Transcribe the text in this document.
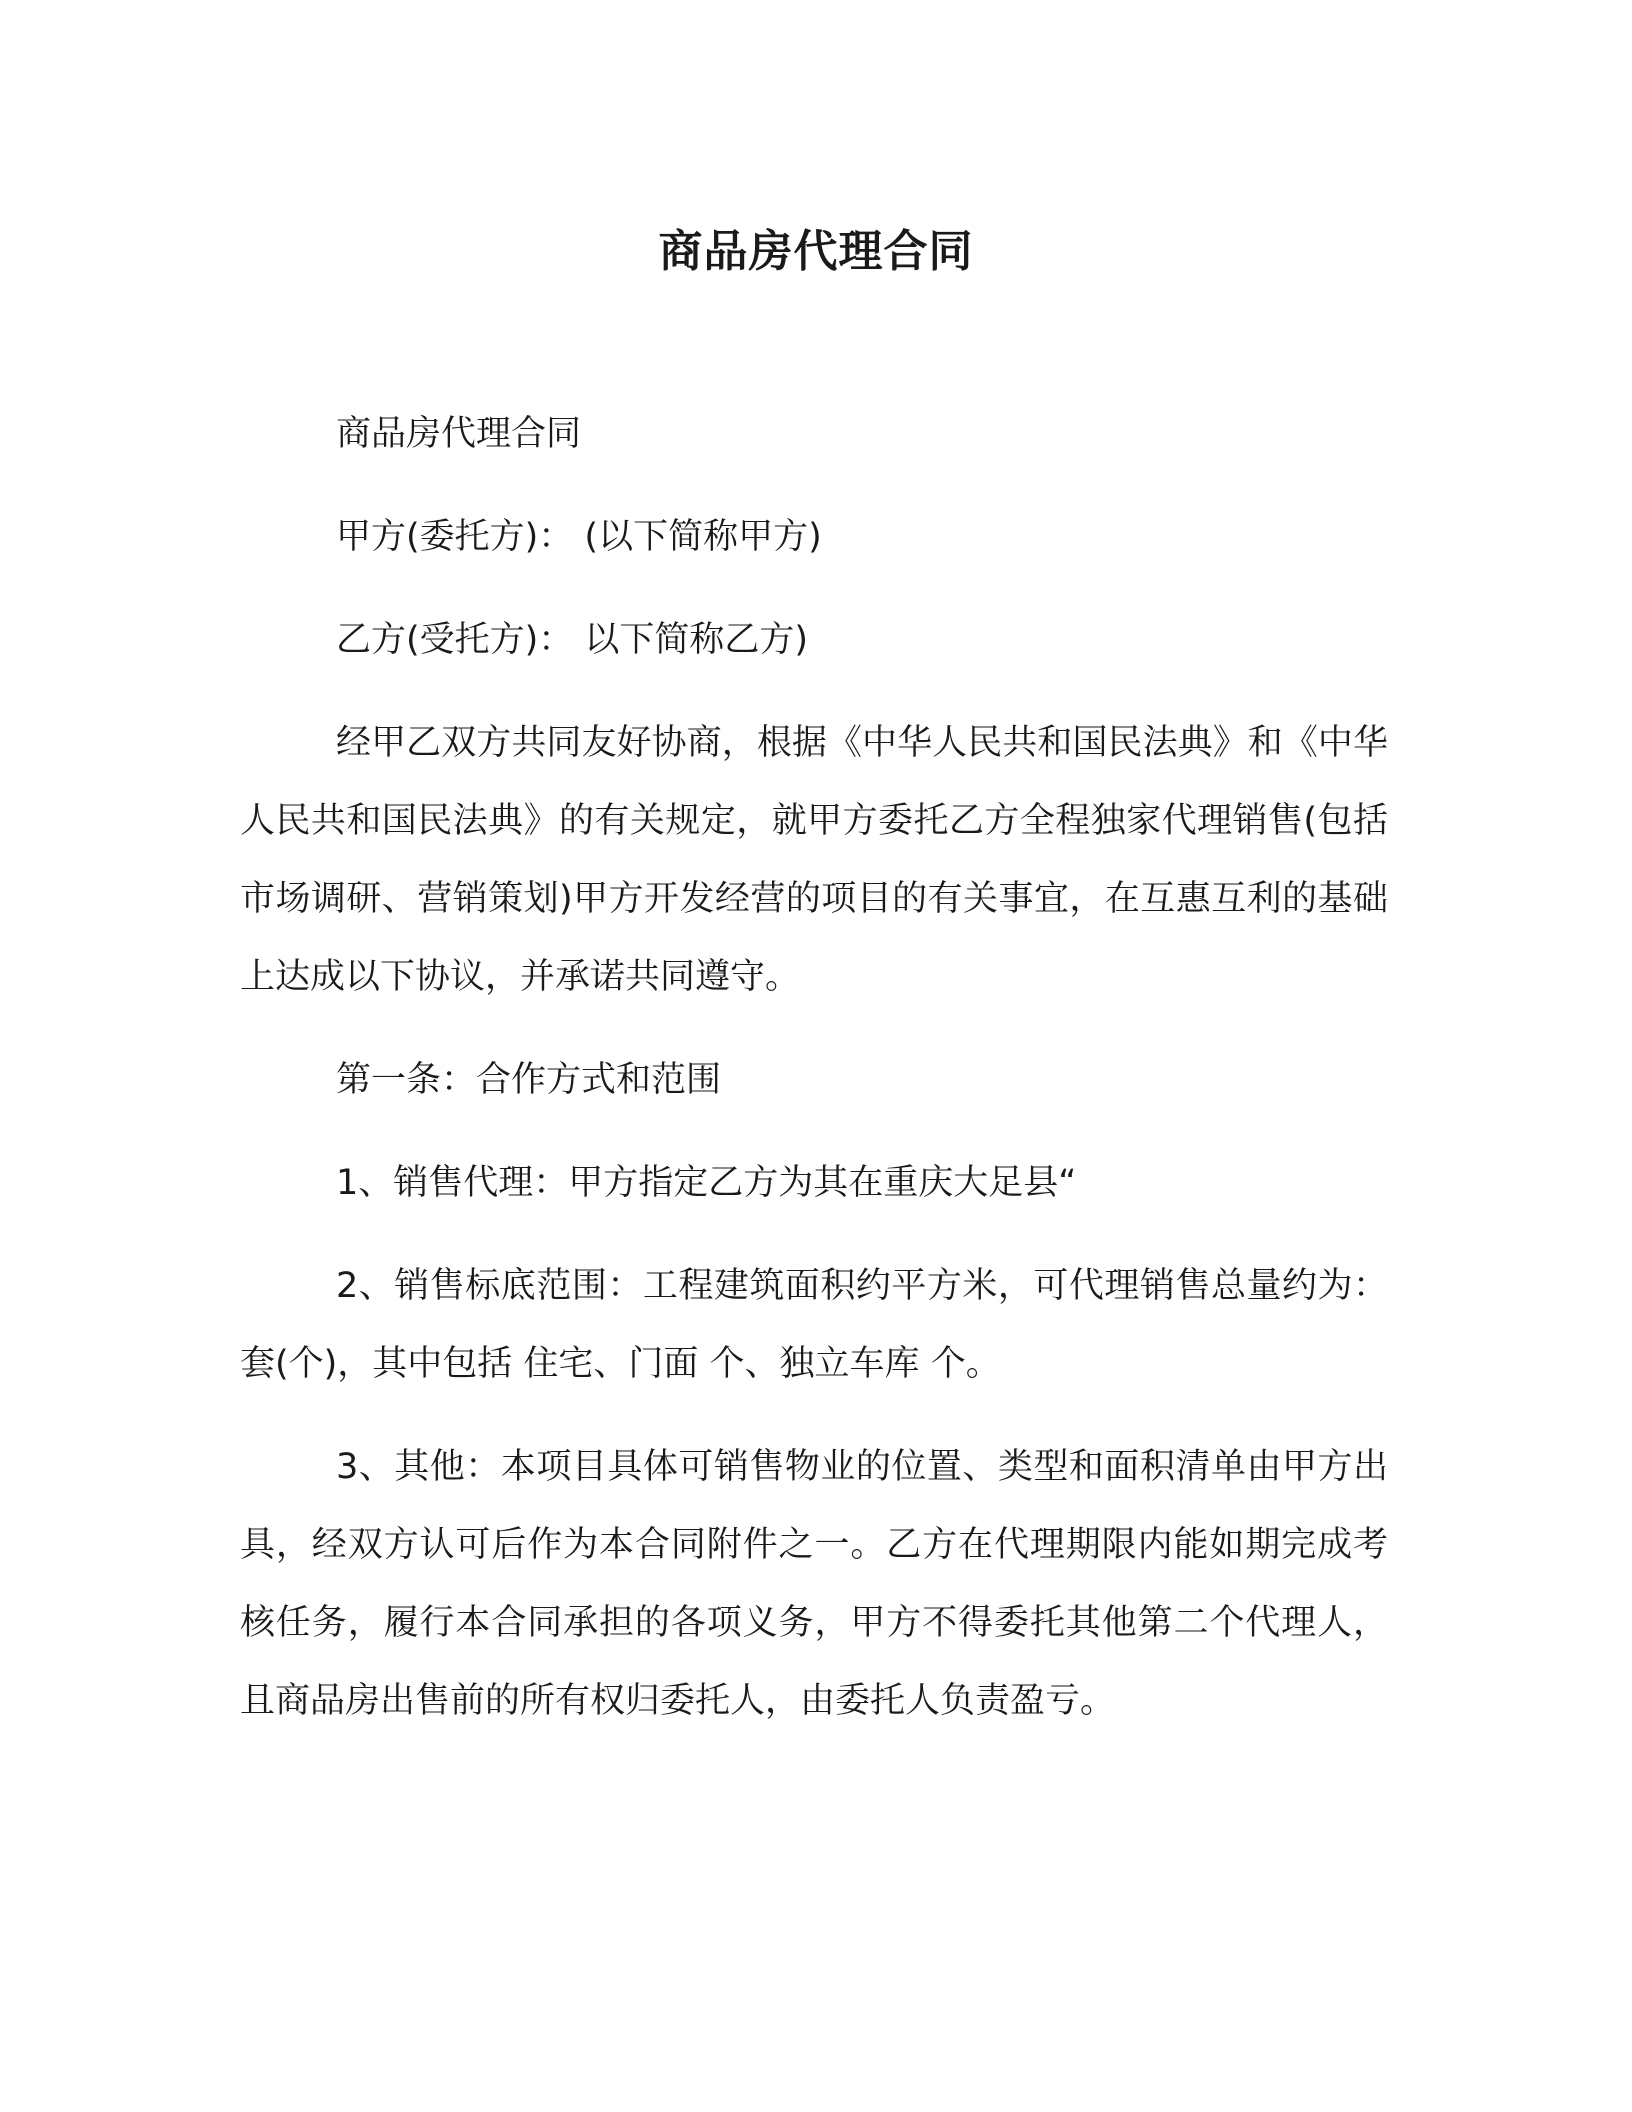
商品房代理合同

商品房代理合同

甲方(委托方)： (以下简称甲方)

乙方(受托方)： 以下简称乙方)

经甲乙双方共同友好协商，根据《中华人民共和国民法典》和《中华人民共和国民法典》的有关规定，就甲方委托乙方全程独家代理销售(包括市场调研、营销策划)甲方开发经营的项目的有关事宜，在互惠互利的基础上达成以下协议，并承诺共同遵守。

第一条：合作方式和范围

1、销售代理：甲方指定乙方为其在重庆大足县“

2、销售标底范围：工程建筑面积约平方米，可代理销售总量约为： 套(个)，其中包括 住宅、门面 个、独立车库 个。

3、其他：本项目具体可销售物业的位置、类型和面积清单由甲方出具，经双方认可后作为本合同附件之一。乙方在代理期限内能如期完成考核任务，履行本合同承担的各项义务，甲方不得委托其他第二个代理人，且商品房出售前的所有权归委托人，由委托人负责盈亏。
